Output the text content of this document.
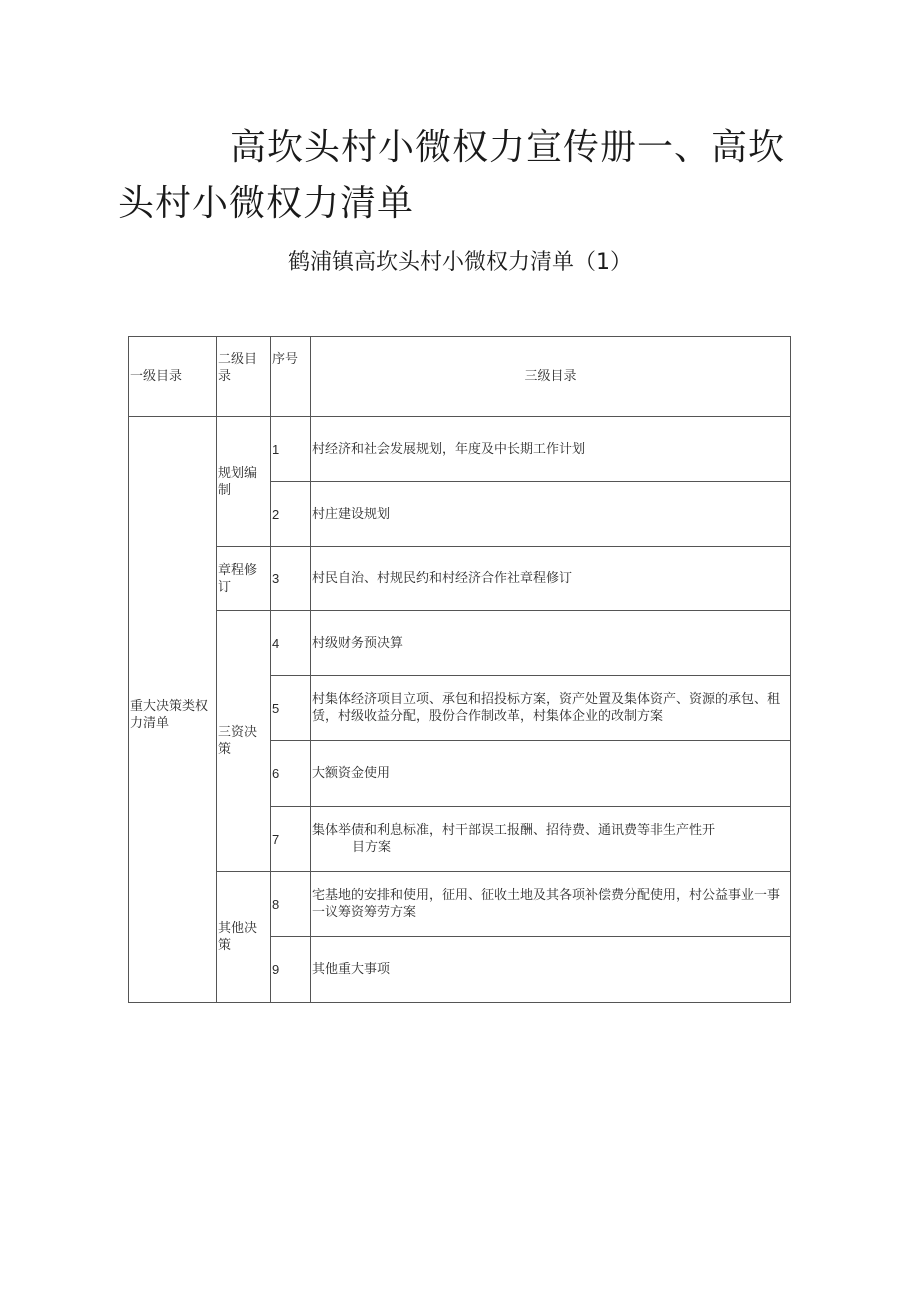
高坎头村小微权力宣传册一、高坎头村小微权力清单
鹤浦镇高坎头村小微权力清单（1）
一级目录	二级目录	序号	三级目录
重大决策类权力清单	规划编制	1	村经济和社会发展规划，年度及中长期工作计划
		2	村庄建设规划
	章程修订	3	村民自治、村规民约和村经济合作社章程修订
	三资决策	4	村级财务预决算
		5	村集体经济项目立项、承包和招投标方案，资产处置及集体资产、资源的承包、租赁，村级收益分配，股份合作制改革，村集体企业的改制方案
		6	大额资金使用
		7	集体举债和利息标准，村干部误工报酬、招待费、通讯费等非生产性开
目方案

	其他决策	8	宅基地的安排和使用，征用、征收土地及其各项补偿费分配使用，村公益事业一事一议筹资筹劳方案
		9	其他重大事项
